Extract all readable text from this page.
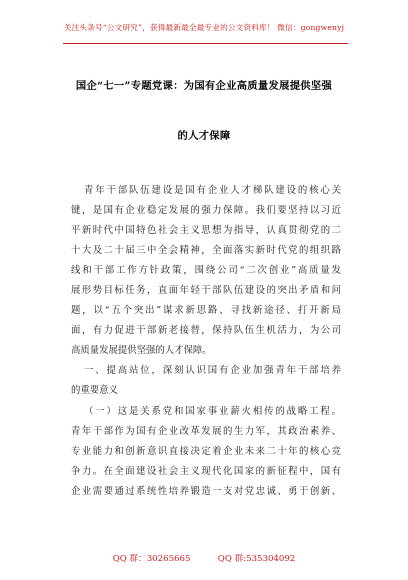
关注头条号“公文研究”，获得最新最全最专业的公文资料库！ 微信：gongwenyj
国企“七一”专题党课：为国有企业高质量发展提供坚强
的人才保障
青年干部队伍建设是国有企业人才梯队建设的核心关
键，是国有企业稳定发展的强力保障。我们要坚持以习近
平新时代中国特色社会主义思想为指导，认真贯彻党的二
十大及二十届三中全会精神，全面落实新时代党的组织路
线和干部工作方针政策，围绕公司“二次创业”高质量发
展形势目标任务，直面年轻干部队伍建设的突出矛盾和问
题，以“五个突出”谋求新思路、寻找新途径、打开新局
面，有力促进干部新老接替，保持队伍生机活力，为公司
高质量发展提供坚强的人才保障。
一、提高站位，深刻认识国有企业加强青年干部培养
的重要意义
（一）这是关系党和国家事业薪火相传的战略工程。
青年干部作为国有企业改革发展的生力军，其政治素养、
专业能力和创新意识直接决定着企业未来二十年的核心竞
争力。在全面建设社会主义现代化国家的新征程中，国有
企业需要通过系统性培养锻造一支对党忠诚、勇于创新、
QQ 群：30265665	QQ 群:535304092
